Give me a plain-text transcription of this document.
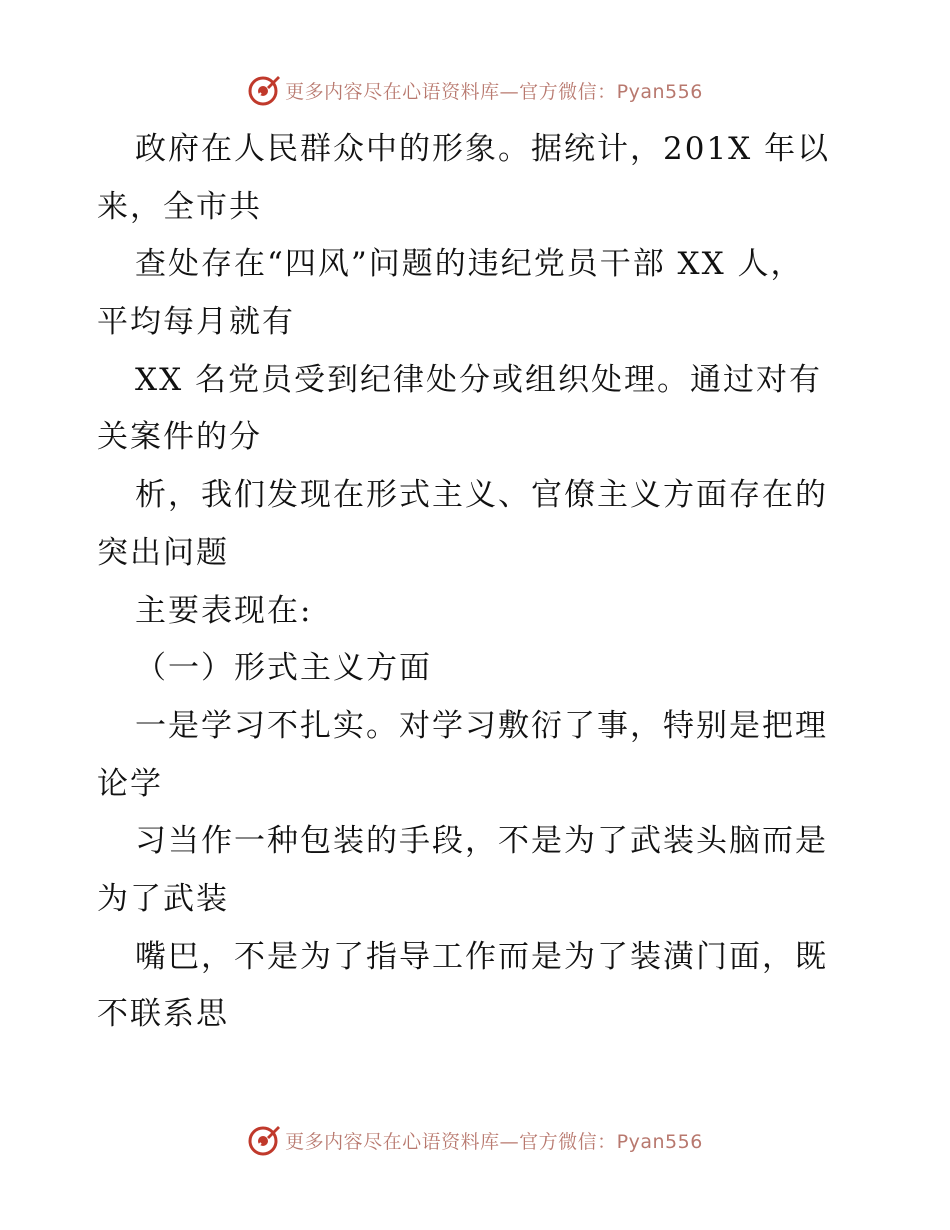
更多内容尽在心语资料库—官方微信：Pyan556
政府在人民群众中的形象。据统计，201X 年以
来，全市共
查处存在“四风”问题的违纪党员干部 XX 人，
平均每月就有
XX 名党员受到纪律处分或组织处理。通过对有
关案件的分
析，我们发现在形式主义、官僚主义方面存在的
突出问题
主要表现在:
（一）形式主义方面
一是学习不扎实。对学习敷衍了事，特别是把理
论学
习当作一种包装的手段，不是为了武装头脑而是
为了武装
嘴巴，不是为了指导工作而是为了装潢门面，既
不联系思
更多内容尽在心语资料库—官方微信：Pyan556
